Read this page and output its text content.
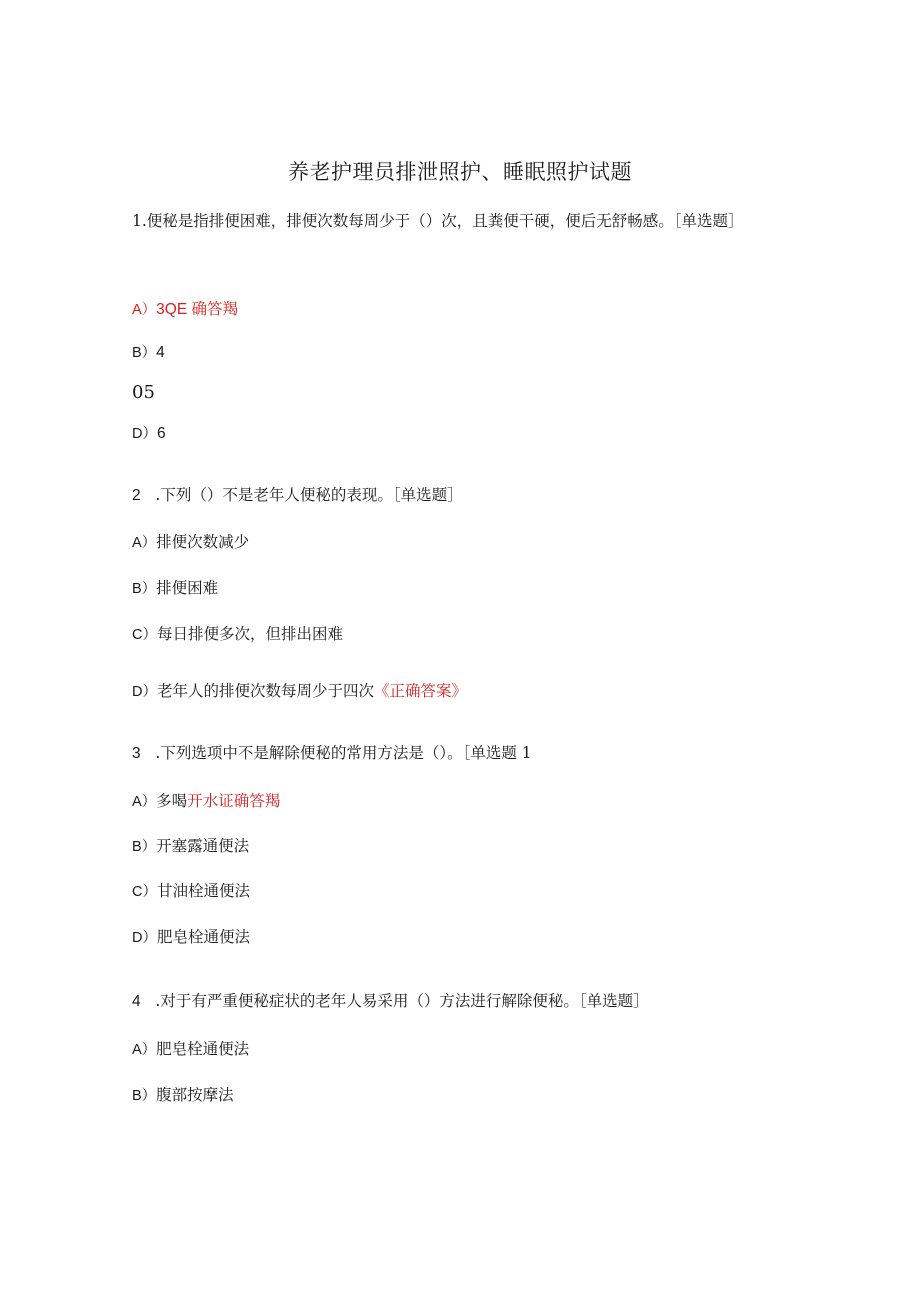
养老护理员排泄照护、睡眠照护试题
1.便秘是指排便困难，排便次数每周少于（）次，且粪便干硬，便后无舒畅感。［单选题］
A）3QE 确答羯
B）4
05
D）6
2 .下列（）不是老年人便秘的表现。［单选题］
A）排便次数减少
B）排便困难
C）每日排便多次，但排出困难
D）老年人的排便次数每周少于四次《正确答案》
3 .下列选项中不是解除便秘的常用方法是（）。［单选题 1
A）多喝开水证确答羯
B）开塞露通便法
C）甘油栓通便法
D）肥皂栓通便法
4 .对于有严重便秘症状的老年人易采用（）方法进行解除便秘。［单选题］
A）肥皂栓通便法
B）腹部按摩法
